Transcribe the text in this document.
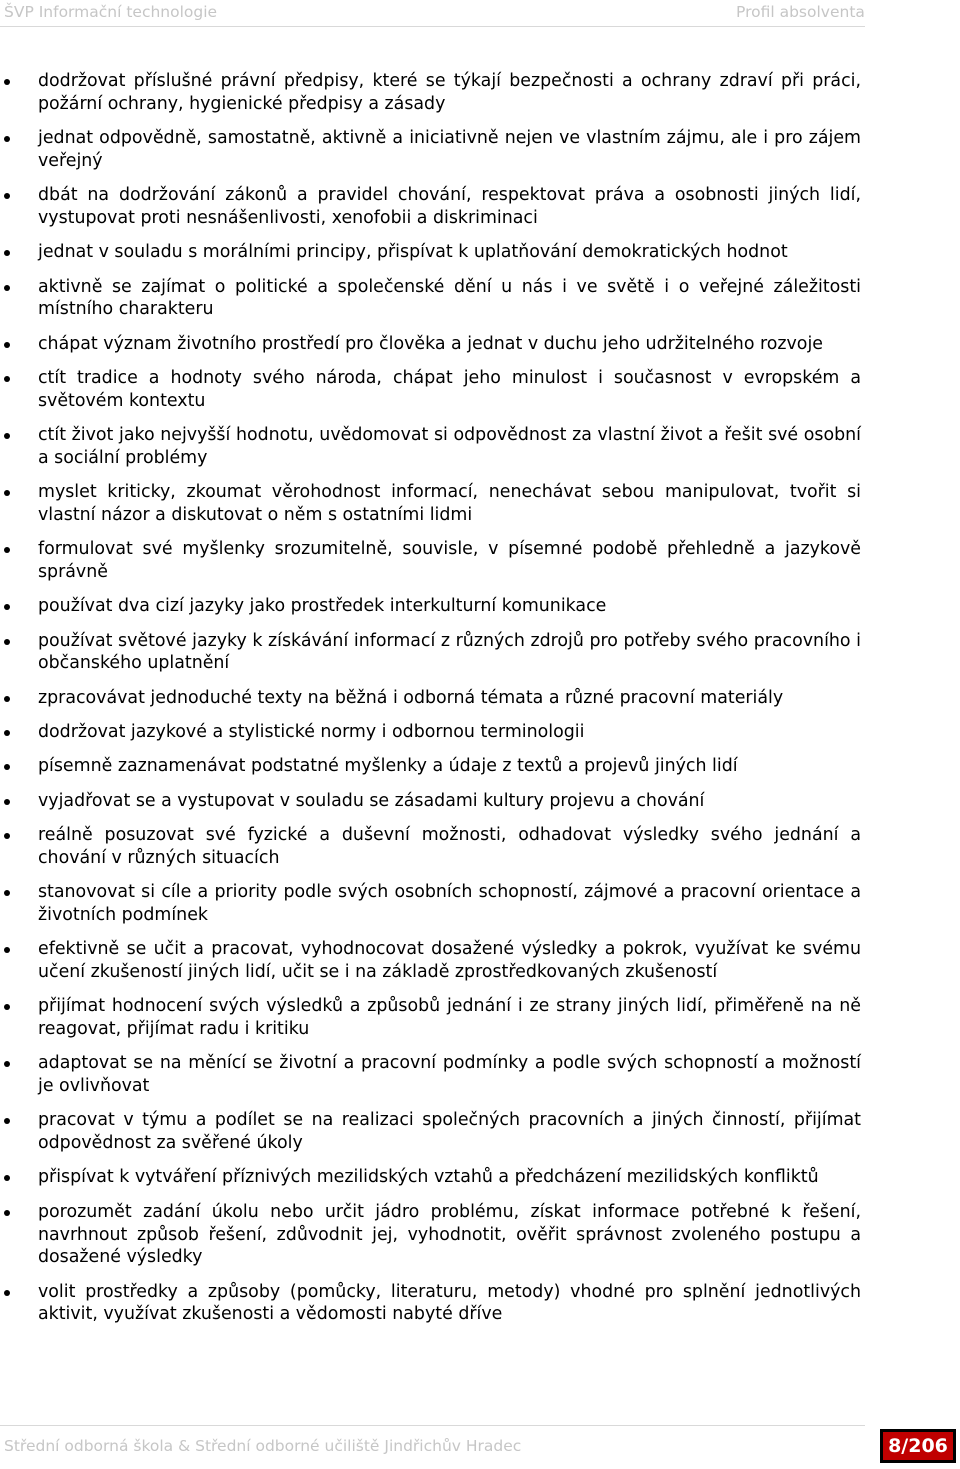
ŠVP Informační technologie	Profil absolventa
dodržovat příslušné právní předpisy, které se týkají bezpečnosti a ochrany zdraví při práci, požární ochrany, hygienické předpisy a zásady
jednat odpovědně, samostatně, aktivně a iniciativně nejen ve vlastním zájmu, ale i pro zájem veřejný
dbát na dodržování zákonů a pravidel chování, respektovat práva a osobnosti jiných lidí, vystupovat proti nesnášenlivosti, xenofobii a diskriminaci
jednat v souladu s morálními principy, přispívat k uplatňování demokratických hodnot
aktivně se zajímat o politické a společenské dění u nás i ve světě i o veřejné záležitosti místního charakteru
chápat význam životního prostředí pro člověka a jednat v duchu jeho udržitelného rozvoje
ctít tradice a hodnoty svého národa, chápat jeho minulost i současnost v evropském a světovém kontextu
ctít život jako nejvyšší hodnotu, uvědomovat si odpovědnost za vlastní život a řešit své osobní a sociální problémy
myslet kriticky, zkoumat věrohodnost informací, nenechávat sebou manipulovat, tvořit si vlastní názor a diskutovat o něm s ostatními lidmi
formulovat své myšlenky srozumitelně, souvisle, v písemné podobě přehledně a jazykově správně
používat dva cizí jazyky jako prostředek interkulturní komunikace
používat světové jazyky k získávání informací z různých zdrojů pro potřeby svého pracovního i občanského uplatnění
zpracovávat jednoduché texty na běžná i odborná témata a různé pracovní materiály
dodržovat jazykové a stylistické normy i odbornou terminologii
písemně zaznamenávat podstatné myšlenky a údaje z textů a projevů jiných lidí
vyjadřovat se a vystupovat v souladu se zásadami kultury projevu a chování
reálně posuzovat své fyzické a duševní možnosti, odhadovat výsledky svého jednání a chování v různých situacích
stanovovat si cíle a priority podle svých osobních schopností, zájmové a pracovní orientace a životních podmínek
efektivně se učit a pracovat, vyhodnocovat dosažené výsledky a pokrok, využívat ke svému učení zkušeností jiných lidí, učit se i na základě zprostředkovaných zkušeností
přijímat hodnocení svých výsledků a způsobů jednání i ze strany jiných lidí, přiměřeně na ně reagovat, přijímat radu i kritiku
adaptovat se na měnící se životní a pracovní podmínky a podle svých schopností a možností je ovlivňovat
pracovat v týmu a podílet se na realizaci společných pracovních a jiných činností, přijímat odpovědnost za svěřené úkoly
přispívat k vytváření příznivých mezilidských vztahů a předcházení mezilidských konfliktů
porozumět zadání úkolu nebo určit jádro problému, získat informace potřebné k řešení, navrhnout způsob řešení, zdůvodnit jej, vyhodnotit, ověřit správnost zvoleného postupu a dosažené výsledky
volit prostředky a způsoby (pomůcky, literaturu, metody) vhodné pro splnění jednotlivých aktivit, využívat zkušenosti a vědomosti nabyté dříve
Střední odborná škola & Střední odborné učiliště Jindřichův Hradec	8/206
